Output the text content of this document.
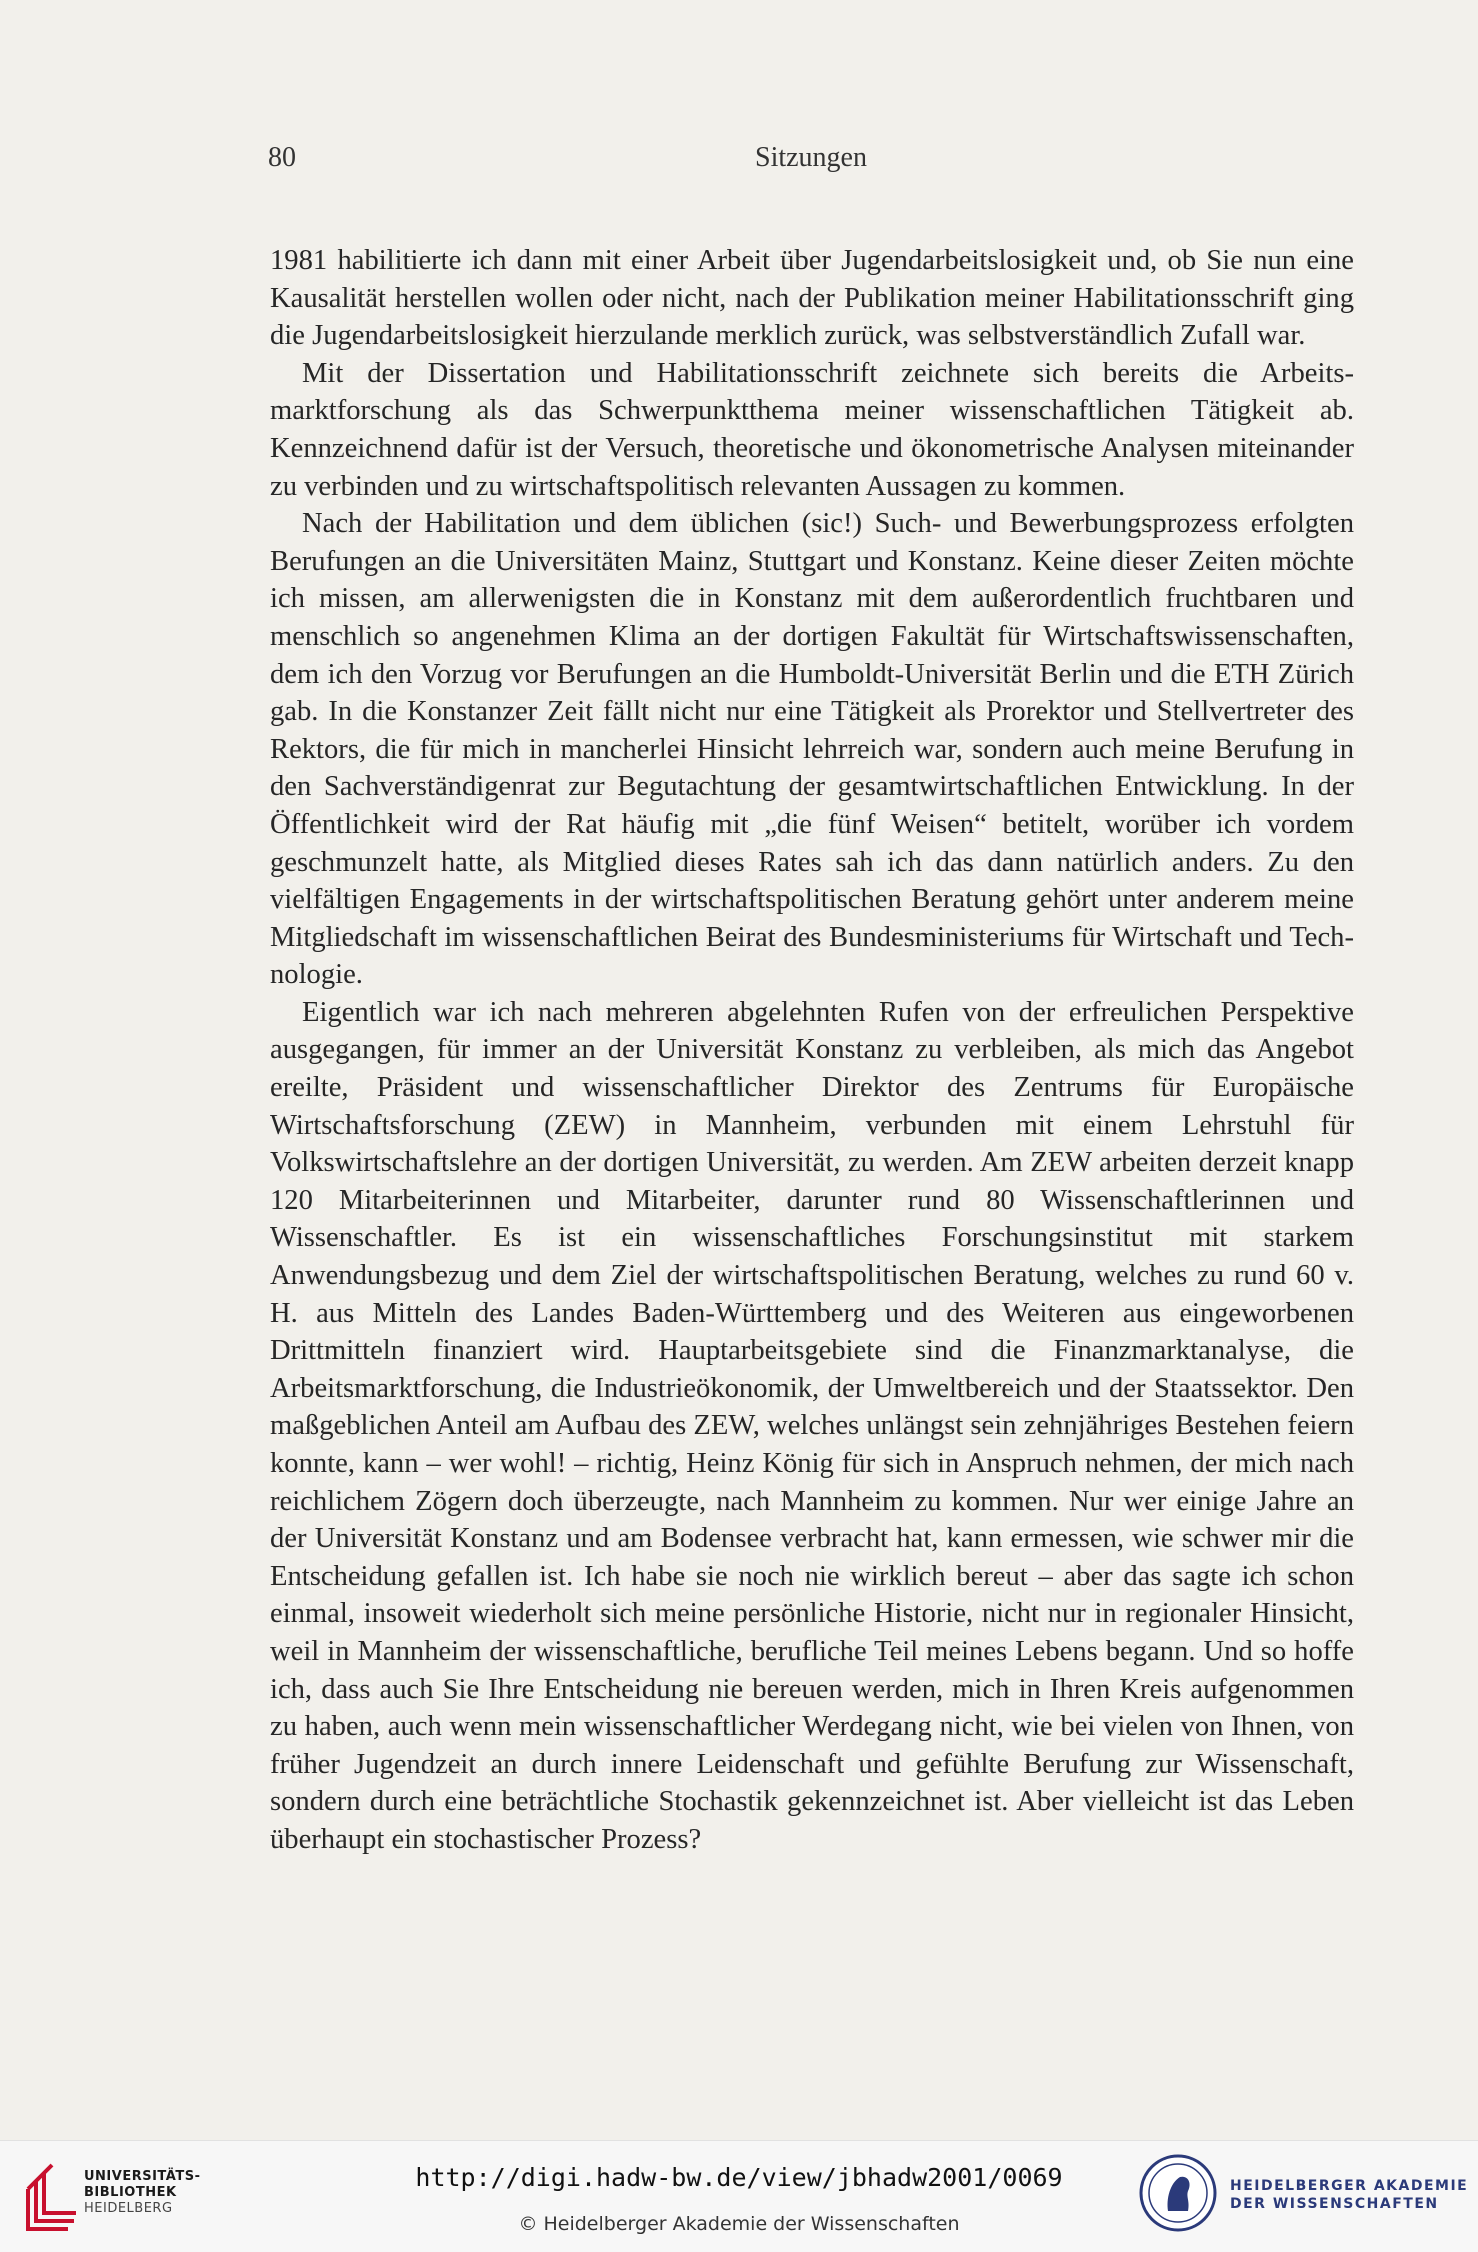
80	Sitzungen

1981 habilitierte ich dann mit einer Arbeit über Jugendarbeitslosigkeit und, ob Sie nun eine Kausalität herstellen wollen oder nicht, nach der Publikation meiner Habilitationsschrift ging die Jugendarbeitslosigkeit hierzulande merklich zurück, was selbstverständlich Zufall war.

Mit der Dissertation und Habilitationsschrift zeichnete sich bereits die Arbeitsmarktforschung als das Schwerpunktthema meiner wissenschaftlichen Tätigkeit ab. Kennzeichnend dafür ist der Versuch, theoretische und ökonometrische Analysen miteinander zu verbinden und zu wirtschaftspolitisch relevanten Aussagen zu kommen.

Nach der Habilitation und dem üblichen (sic!) Such- und Bewerbungsprozess erfolgten Berufungen an die Universitäten Mainz, Stuttgart und Konstanz. Keine dieser Zeiten möchte ich missen, am allerwenigsten die in Konstanz mit dem außerordentlich fruchtbaren und menschlich so angenehmen Klima an der dortigen Fakultät für Wirtschaftswissenschaften, dem ich den Vorzug vor Berufungen an die Humboldt-Universität Berlin und die ETH Zürich gab. In die Konstanzer Zeit fällt nicht nur eine Tätigkeit als Prorektor und Stellvertreter des Rektors, die für mich in mancherlei Hinsicht lehrreich war, sondern auch meine Berufung in den Sachverständigenrat zur Begutachtung der gesamtwirtschaftlichen Entwicklung. In der Öffentlichkeit wird der Rat häufig mit „die fünf Weisen“ betitelt, worüber ich vordem geschmunzelt hatte, als Mitglied dieses Rates sah ich das dann natürlich anders. Zu den vielfältigen Engagements in der wirtschaftspolitischen Beratung gehört unter anderem meine Mitgliedschaft im wissenschaftlichen Beirat des Bundesministeriums für Wirtschaft und Technologie.

Eigentlich war ich nach mehreren abgelehnten Rufen von der erfreulichen Perspektive ausgegangen, für immer an der Universität Konstanz zu verbleiben, als mich das Angebot ereilte, Präsident und wissenschaftlicher Direktor des Zentrums für Europäische Wirtschaftsforschung (ZEW) in Mannheim, verbunden mit einem Lehrstuhl für Volkswirtschaftslehre an der dortigen Universität, zu werden. Am ZEW arbeiten derzeit knapp 120 Mitarbeiterinnen und Mitarbeiter, darunter rund 80 Wissenschaftlerinnen und Wissenschaftler. Es ist ein wissenschaftliches Forschungsinstitut mit starkem Anwendungsbezug und dem Ziel der wirtschaftspolitischen Beratung, welches zu rund 60 v. H. aus Mitteln des Landes Baden-Württemberg und des Weiteren aus eingeworbenen Drittmitteln finanziert wird. Hauptarbeitsgebiete sind die Finanzmarktanalyse, die Arbeitsmarktforschung, die Industrieökonomik, der Umweltbereich und der Staatssektor. Den maßgeblichen Anteil am Aufbau des ZEW, welches unlängst sein zehnjähriges Bestehen feiern konnte, kann – wer wohl! – richtig, Heinz König für sich in Anspruch nehmen, der mich nach reichlichem Zögern doch überzeugte, nach Mannheim zu kommen. Nur wer einige Jahre an der Universität Konstanz und am Bodensee verbracht hat, kann ermessen, wie schwer mir die Entscheidung gefallen ist. Ich habe sie noch nie wirklich bereut – aber das sagte ich schon einmal, insoweit wiederholt sich meine persönliche Historie, nicht nur in regionaler Hinsicht, weil in Mannheim der wissenschaftliche, berufliche Teil meines Lebens begann. Und so hoffe ich, dass auch Sie Ihre Entscheidung nie bereuen werden, mich in Ihren Kreis aufgenommen zu haben, auch wenn mein wissenschaftlicher Werdegang nicht, wie bei vielen von Ihnen, von früher Jugendzeit an durch innere Leidenschaft und gefühlte Berufung zur Wissenschaft, sondern durch eine beträchtliche Stochastik gekennzeichnet ist. Aber vielleicht ist das Leben überhaupt ein stochastischer Prozess?

UNIVERSITÄTS-
BIBLIOTHEK
HEIDELBERG
http://digi.hadw-bw.de/view/jbhadw2001/0069
© Heidelberger Akademie der Wissenschaften
HEIDELBERGER AKADEMIE
DER WISSENSCHAFTEN
